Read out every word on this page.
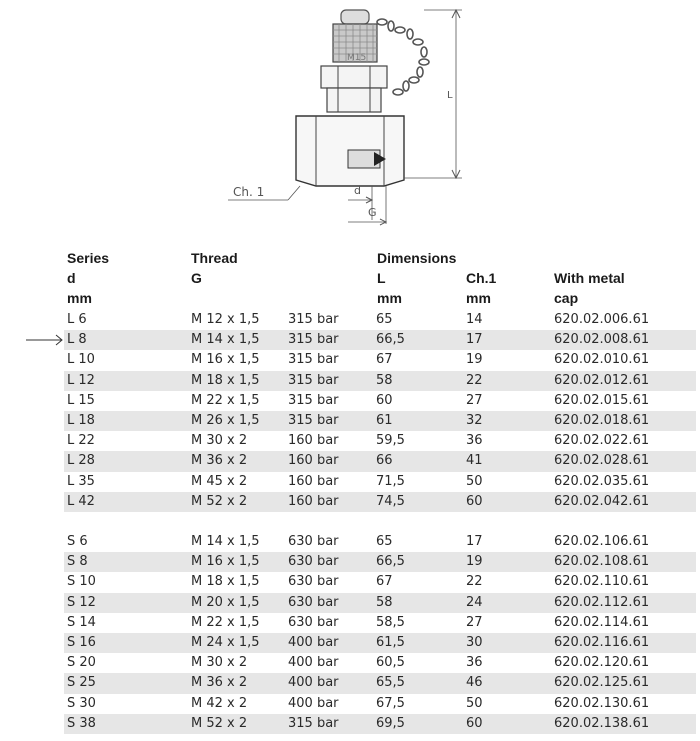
M15
L
Ch. 1	d
G
Series	Thread	Dimensions
d	G	L	Ch.1	With metal
mm	mm	mm	cap
L 6	M 12 x 1,5 315 bar	65	14	620.02.006.61
L 8	M 14 x 1,5 315 bar	66,5	17	620.02.008.61
L 10	M 16 x 1,5 315 bar	67	19	620.02.010.61
L 12	M 18 x 1,5 315 bar	58	22	620.02.012.61
L 15	M 22 x 1,5 315 bar	60	27	620.02.015.61
L 18	M 26 x 1,5 315 bar	61	32	620.02.018.61
L 22	M 30 x 2	160 bar	59,5	36	620.02.022.61
L 28	M 36 x 2	160 bar	66	41	620.02.028.61
L 35	M 45 x 2	160 bar	71,5	50	620.02.035.61
L 42	M 52 x 2	160 bar	74,5	60	620.02.042.61
S 6	M 14 x 1,5 630 bar	65	17	620.02.106.61
S 8	M 16 x 1,5 630 bar	66,5	19	620.02.108.61
S 10	M 18 x 1,5 630 bar	67	22	620.02.110.61
S 12	M 20 x 1,5 630 bar	58	24	620.02.112.61
S 14	M 22 x 1,5 630 bar	58,5	27	620.02.114.61
S 16	M 24 x 1,5 400 bar	61,5	30	620.02.116.61
S 20	M 30 x 2	400 bar	60,5	36	620.02.120.61
S 25	M 36 x 2	400 bar	65,5	46	620.02.125.61
S 30	M 42 x 2	400 bar	67,5	50	620.02.130.61
S 38	M 52 x 2	315 bar	69,5	60	620.02.138.61
